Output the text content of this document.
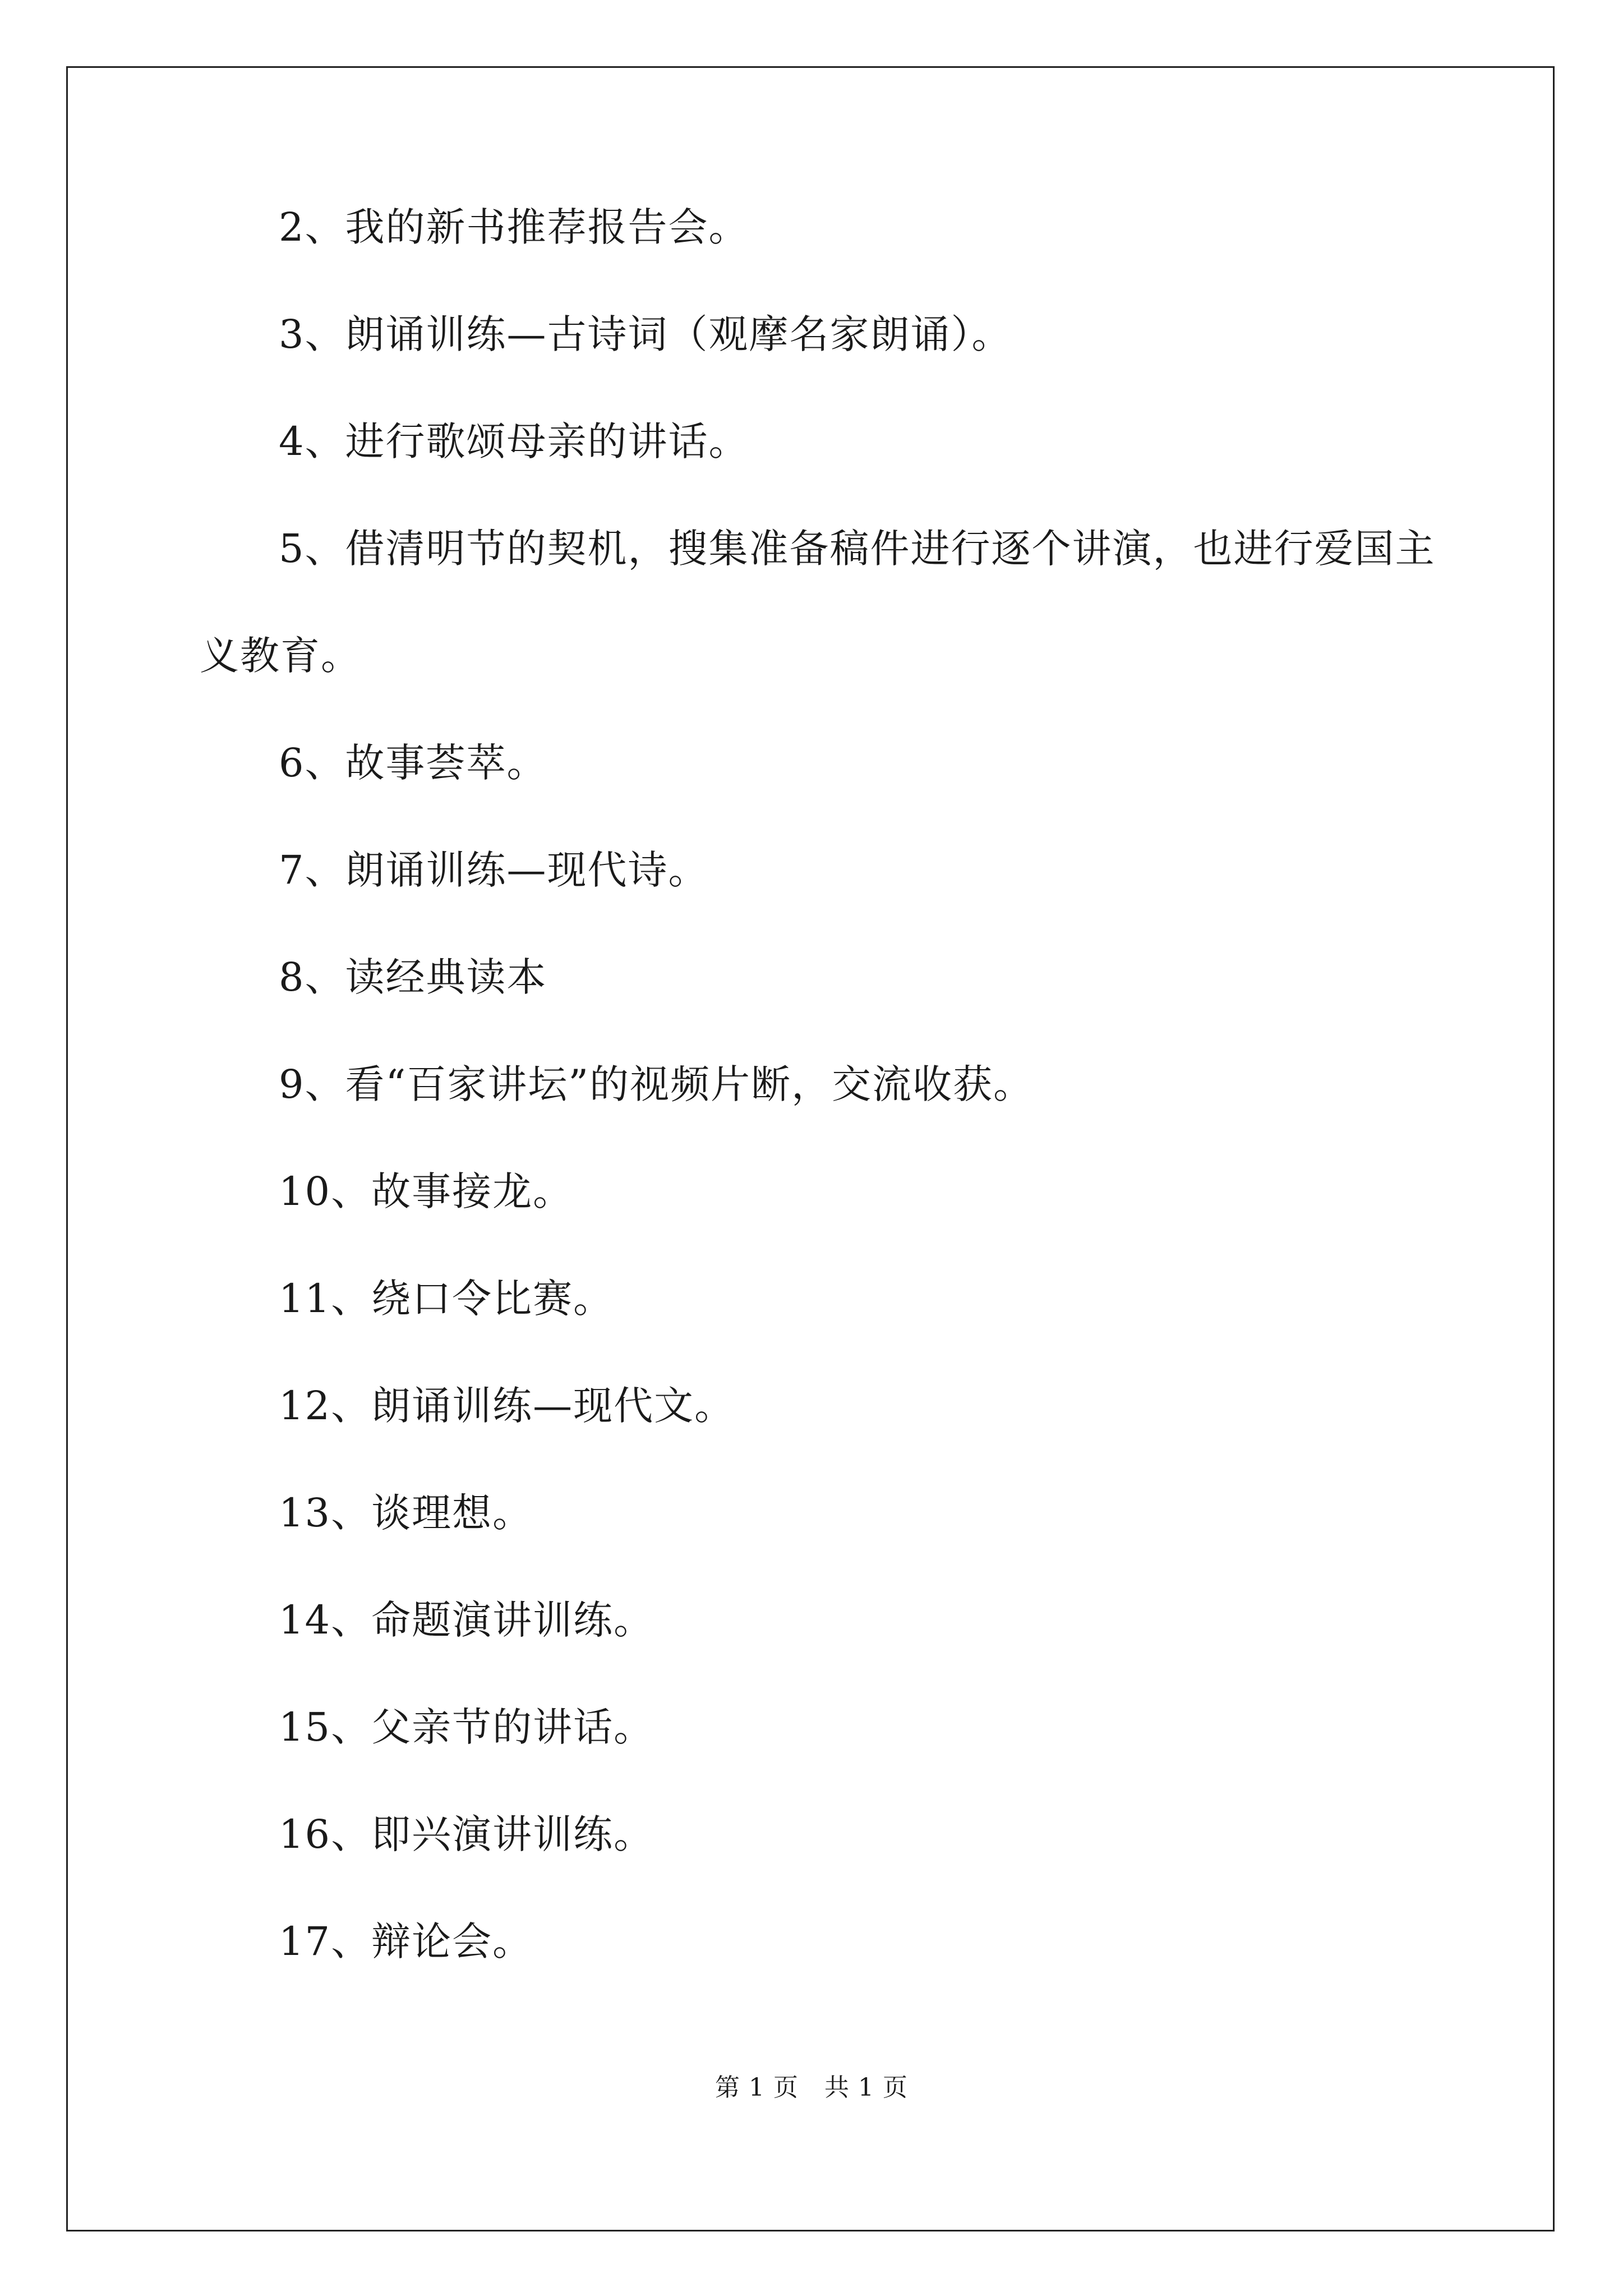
2、我的新书推荐报告会。
3、朗诵训练—古诗词（观摩名家朗诵）。
4、进行歌颂母亲的讲话。
5、借清明节的契机，搜集准备稿件进行逐个讲演，也进行爱国主
义教育。
6、故事荟萃。
7、朗诵训练—现代诗。
8、读经典读本
9、看“百家讲坛”的视频片断，交流收获。
10、故事接龙。
11、绕口令比赛。
12、朗诵训练—现代文。
13、谈理想。
14、命题演讲训练。
15、父亲节的讲话。
16、即兴演讲训练。
17、辩论会。
第 1 页 共 1 页
